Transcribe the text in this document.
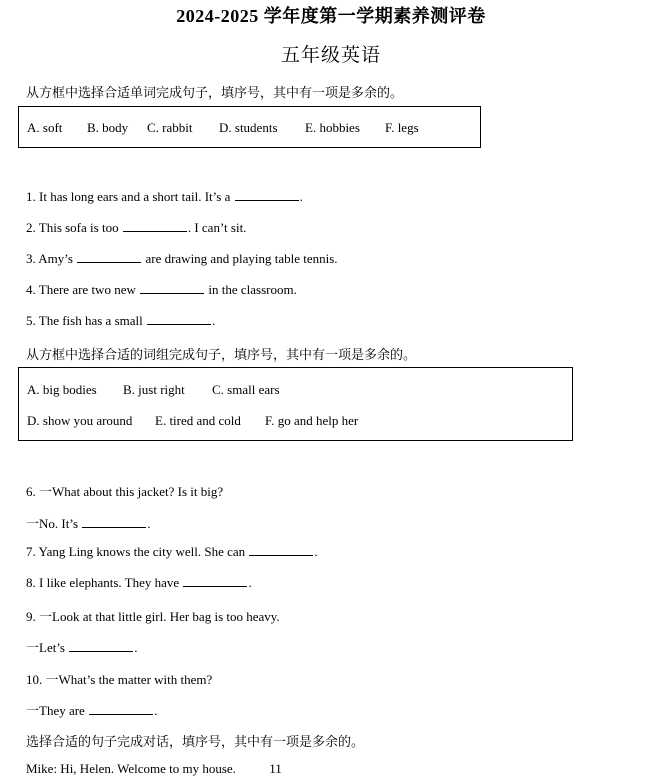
2024-2025 学年度第一学期素养测评卷
五年级英语
从方框中选择合适单词完成句子，填序号，其中有一项是多余的。
A. soft B. body C. rabbit D. students E. hobbies F. legs
1. It has long ears and a short tail. It’s a	.
2. This sofa is too	. I can’t sit.
3. Amy’s	are drawing and playing table tennis.
4. There are two new	in the classroom.
5. The fish has a small	.
从方框中选择合适的词组完成句子，填序号，其中有一项是多余的。
A. big bodies B. just right C. small ears
D. show you around E. tired and cold F. go and help her
6. 一What about this jacket? Is it big?
一No. It’s	.
7. Yang Ling knows the city well. She can	.
8. I like elephants. They have	.
9. 一Look at that little girl. Her bag is too heavy.
一Let’s	.
10. 一What’s the matter with them?
一They are	.
选择合适的句子完成对话，填序号，其中有一项是多余的。
Mike: Hi, Helen. Welcome to my house.	11
